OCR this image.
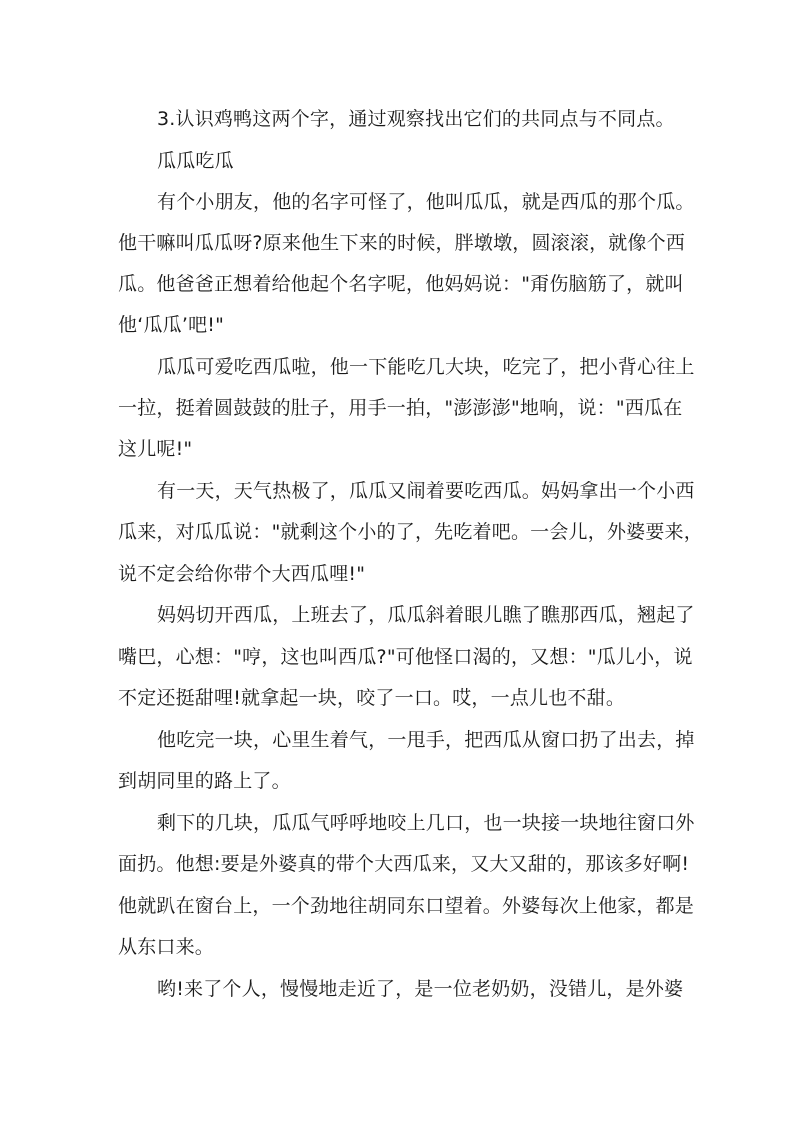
3.认识鸡鸭这两个字，通过观察找出它们的共同点与不同点。
瓜瓜吃瓜
有个小朋友，他的名字可怪了，他叫瓜瓜，就是西瓜的那个瓜。
他干嘛叫瓜瓜呀?原来他生下来的时候，胖墩墩，圆滚滚，就像个西
瓜。他爸爸正想着给他起个名字呢，他妈妈说："甭伤脑筋了，就叫
他‘瓜瓜’吧!"
瓜瓜可爱吃西瓜啦，他一下能吃几大块，吃完了，把小背心往上
一拉，挺着圆鼓鼓的肚子，用手一拍，"澎澎澎"地响，说："西瓜在
这儿呢!"
有一天，天气热极了，瓜瓜又闹着要吃西瓜。妈妈拿出一个小西
瓜来，对瓜瓜说："就剩这个小的了，先吃着吧。一会儿，外婆要来，
说不定会给你带个大西瓜哩!"
妈妈切开西瓜，上班去了，瓜瓜斜着眼儿瞧了瞧那西瓜，翘起了
嘴巴，心想："哼，这也叫西瓜?"可他怪口渴的，又想："瓜儿小，说
不定还挺甜哩!就拿起一块，咬了一口。哎，一点儿也不甜。
他吃完一块，心里生着气，一甩手，把西瓜从窗口扔了出去，掉
到胡同里的路上了。
剩下的几块，瓜瓜气呼呼地咬上几口，也一块接一块地往窗口外
面扔。他想:要是外婆真的带个大西瓜来，又大又甜的，那该多好啊!
他就趴在窗台上，一个劲地往胡同东口望着。外婆每次上他家，都是
从东口来。
哟!来了个人，慢慢地走近了，是一位老奶奶，没错儿，是外婆
